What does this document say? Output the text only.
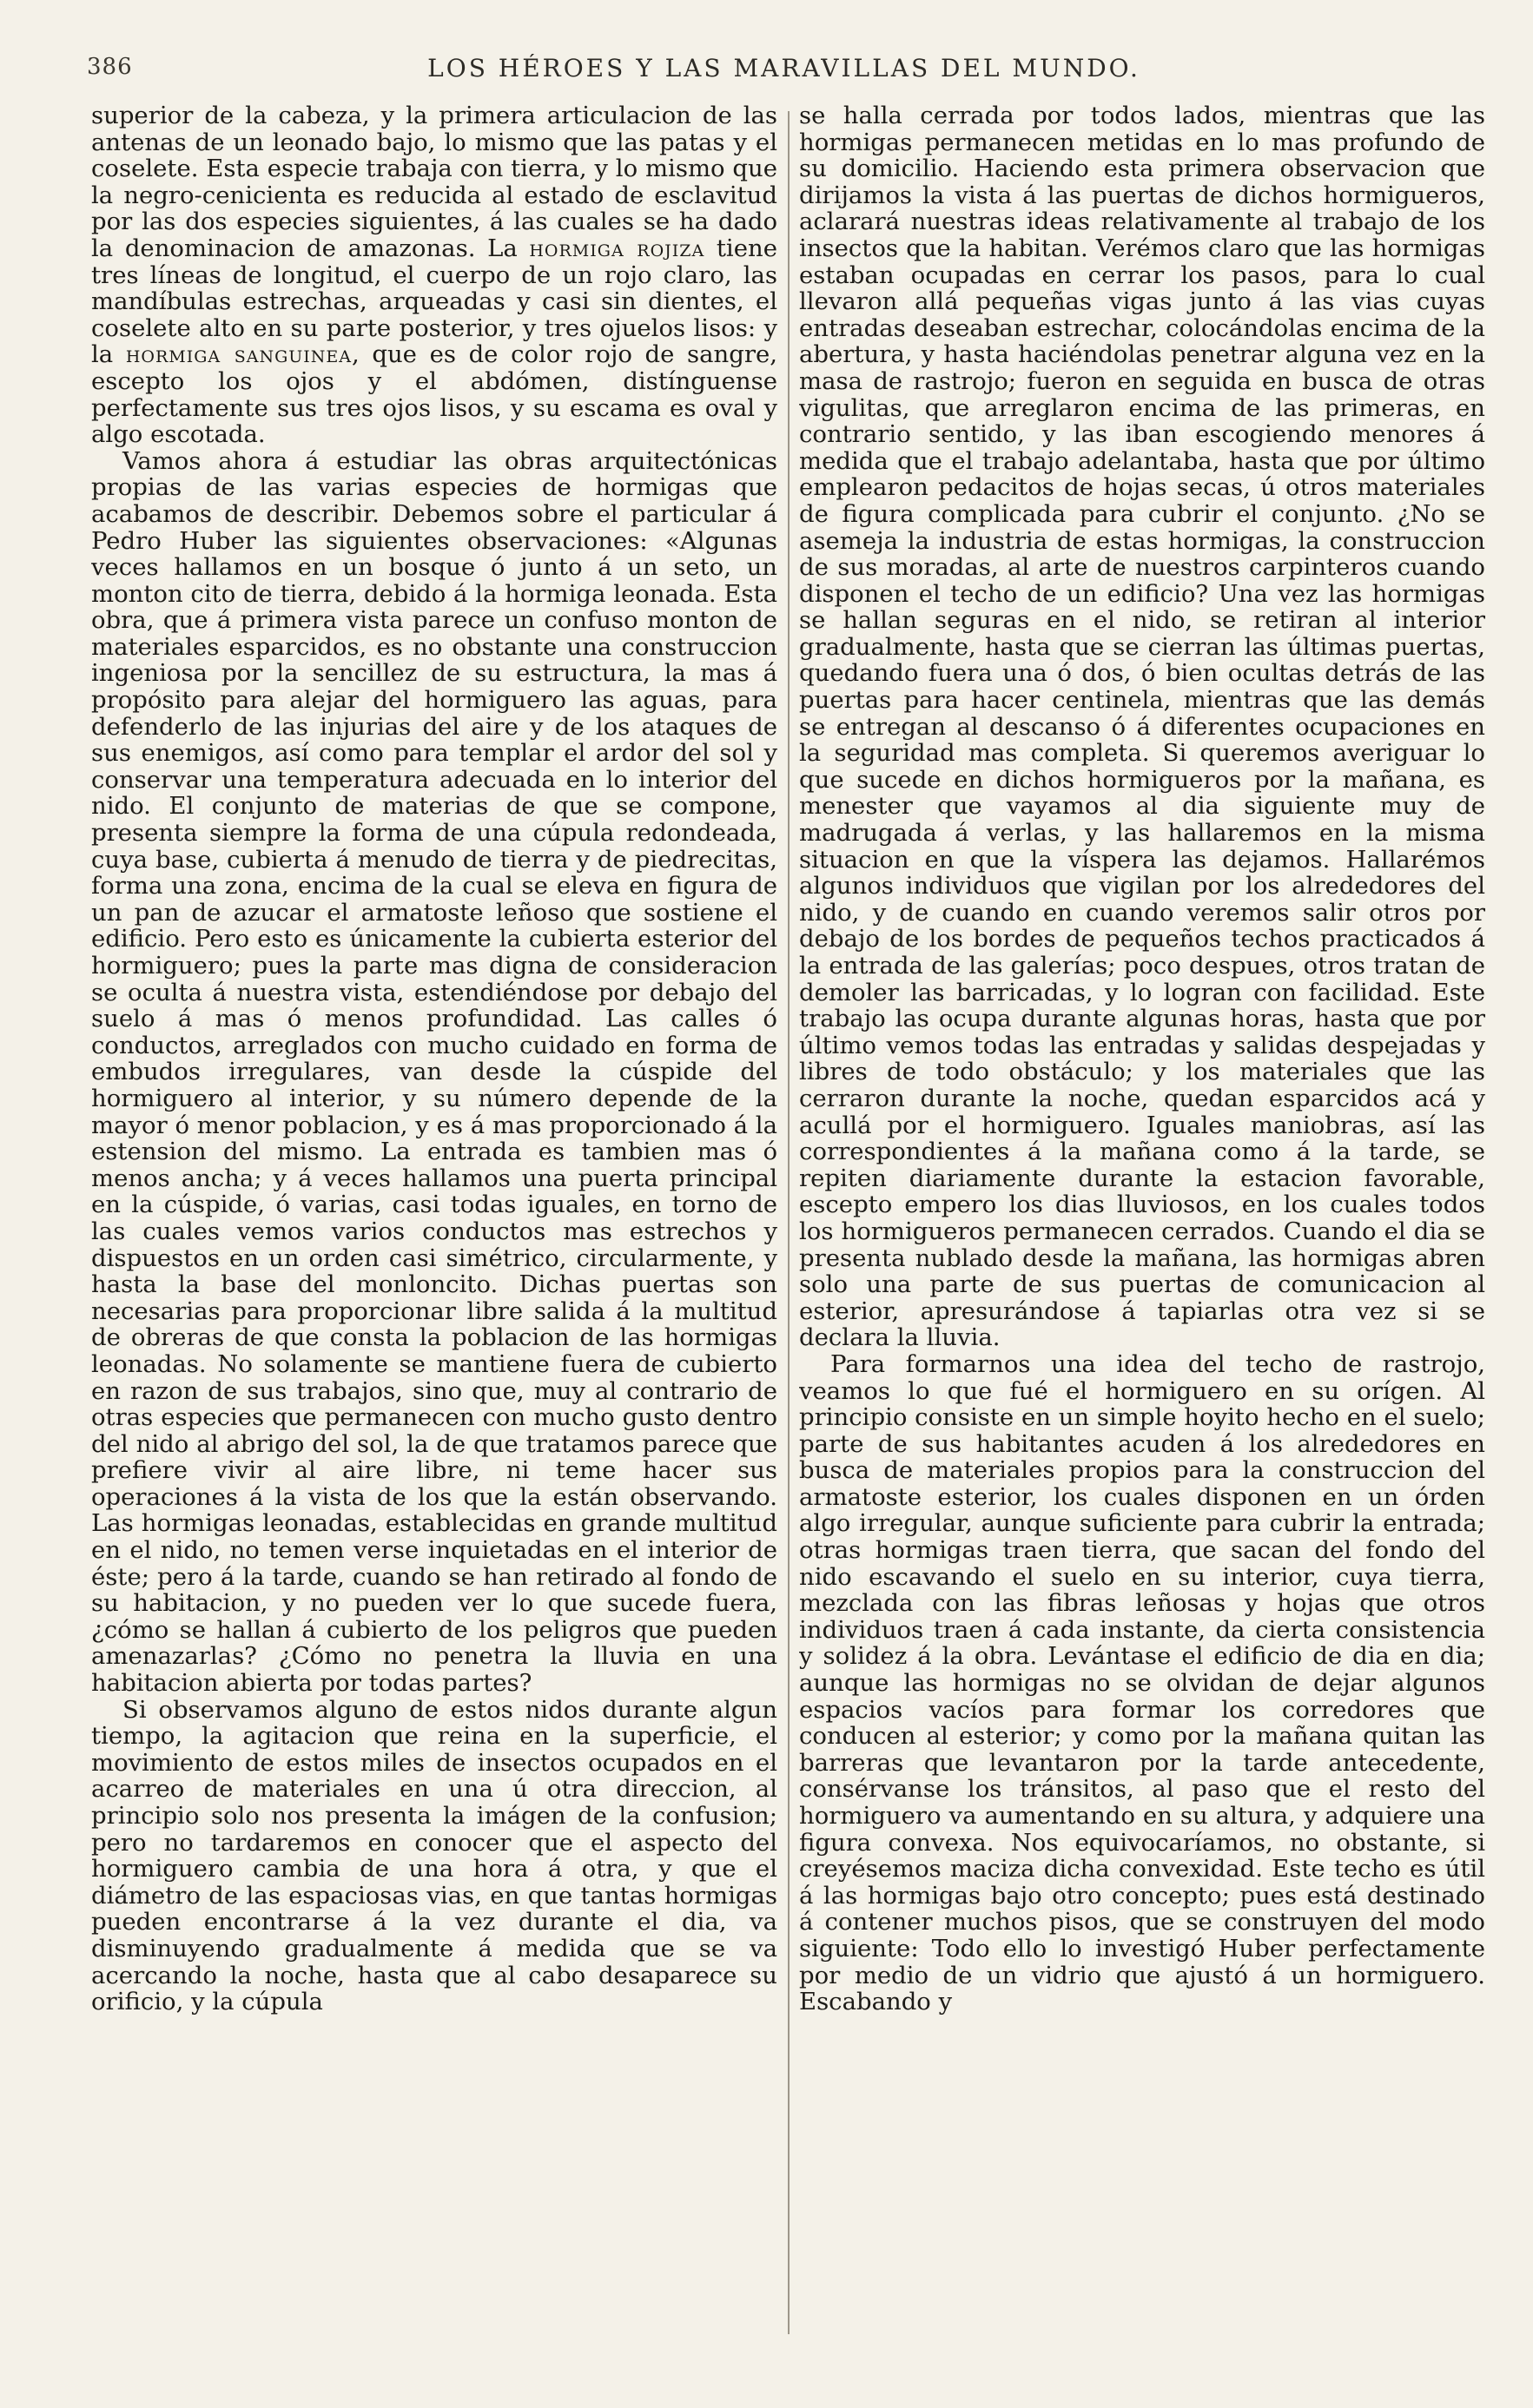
386	LOS HÉROES Y LAS MARAVILLAS DEL MUNDO.

superior de la cabeza, y la primera articulacion de las antenas de un leonado bajo, lo mismo que las patas y el coselete. Esta especie trabaja con tierra, y lo mismo que la negro-cenicienta es reducida al estado de esclavitud por las dos especies siguientes, á las cuales se ha dado la denominacion de amazonas. La hormiga rojiza tiene tres líneas de longitud, el cuerpo de un rojo claro, las mandíbulas estrechas, arqueadas y casi sin dientes, el coselete alto en su parte posterior, y tres ojuelos lisos: y la hormiga sanguinea, que es de color rojo de sangre, escepto los ojos y el abdómen, distínguense perfectamente sus tres ojos lisos, y su escama es oval y algo escotada.

Vamos ahora á estudiar las obras arquitectónicas propias de las varias especies de hormigas que acabamos de describir. Debemos sobre el particular á Pedro Huber las siguientes observaciones: «Algunas veces hallamos en un bosque ó junto á un seto, un monton cito de tierra, debido á la hormiga leonada. Esta obra, que á primera vista parece un confuso monton de materiales esparcidos, es no obstante una construccion ingeniosa por la sencillez de su estructura, la mas á propósito para alejar del hormiguero las aguas, para defenderlo de las injurias del aire y de los ataques de sus enemigos, así como para templar el ardor del sol y conservar una temperatura adecuada en lo interior del nido. El conjunto de materias de que se compone, presenta siempre la forma de una cúpula redondeada, cuya base, cubierta á menudo de tierra y de piedrecitas, forma una zona, encima de la cual se eleva en figura de un pan de azucar el armatoste leñoso que sostiene el edificio. Pero esto es únicamente la cubierta esterior del hormiguero; pues la parte mas digna de consideracion se oculta á nuestra vista, estendiéndose por debajo del suelo á mas ó menos profundidad. Las calles ó conductos, arreglados con mucho cuidado en forma de embudos irregulares, van desde la cúspide del hormiguero al interior, y su número depende de la mayor ó menor poblacion, y es á mas proporcionado á la estension del mismo. La entrada es tambien mas ó menos ancha; y á veces hallamos una puerta principal en la cúspide, ó varias, casi todas iguales, en torno de las cuales vemos varios conductos mas estrechos y dispuestos en un orden casi simétrico, circularmente, y hasta la base del monloncito. Dichas puertas son necesarias para proporcionar libre salida á la multitud de obreras de que consta la poblacion de las hormigas leonadas. No solamente se mantiene fuera de cubierto en razon de sus trabajos, sino que, muy al contrario de otras especies que permanecen con mucho gusto dentro del nido al abrigo del sol, la de que tratamos parece que prefiere vivir al aire libre, ni teme hacer sus operaciones á la vista de los que la están observando. Las hormigas leonadas, establecidas en grande multitud en el nido, no temen verse inquietadas en el interior de éste; pero á la tarde, cuando se han retirado al fondo de su habitacion, y no pueden ver lo que sucede fuera, ¿cómo se hallan á cubierto de los peligros que pueden amenazarlas? ¿Cómo no penetra la lluvia en una habitacion abierta por todas partes?

Si observamos alguno de estos nidos durante algun tiempo, la agitacion que reina en la superficie, el movimiento de estos miles de insectos ocupados en el acarreo de materiales en una ú otra direccion, al principio solo nos presenta la imágen de la confusion; pero no tardaremos en conocer que el aspecto del hormiguero cambia de una hora á otra, y que el diámetro de las espaciosas vias, en que tantas hormigas pueden encontrarse á la vez durante el dia, va disminuyendo gradualmente á medida que se va acercando la noche, hasta que al cabo desaparece su orificio, y la cúpula

se halla cerrada por todos lados, mientras que las hormigas permanecen metidas en lo mas profundo de su domicilio. Haciendo esta primera observacion que dirijamos la vista á las puertas de dichos hormigueros, aclarará nuestras ideas relativamente al trabajo de los insectos que la habitan. Verémos claro que las hormigas estaban ocupadas en cerrar los pasos, para lo cual llevaron allá pequeñas vigas junto á las vias cuyas entradas deseaban estrechar, colocándolas encima de la abertura, y hasta haciéndolas penetrar alguna vez en la masa de rastrojo; fueron en seguida en busca de otras vigulitas, que arreglaron encima de las primeras, en contrario sentido, y las iban escogiendo menores á medida que el trabajo adelantaba, hasta que por último emplearon pedacitos de hojas secas, ú otros materiales de figura complicada para cubrir el conjunto. ¿No se asemeja la industria de estas hormigas, la construccion de sus moradas, al arte de nuestros carpinteros cuando disponen el techo de un edificio? Una vez las hormigas se hallan seguras en el nido, se retiran al interior gradualmente, hasta que se cierran las últimas puertas, quedando fuera una ó dos, ó bien ocultas detrás de las puertas para hacer centinela, mientras que las demás se entregan al descanso ó á diferentes ocupaciones en la seguridad mas completa. Si queremos averiguar lo que sucede en dichos hormigueros por la mañana, es menester que vayamos al dia siguiente muy de madrugada á verlas, y las hallaremos en la misma situacion en que la víspera las dejamos. Hallarémos algunos individuos que vigilan por los alrededores del nido, y de cuando en cuando veremos salir otros por debajo de los bordes de pequeños techos practicados á la entrada de las galerías; poco despues, otros tratan de demoler las barricadas, y lo logran con facilidad. Este trabajo las ocupa durante algunas horas, hasta que por último vemos todas las entradas y salidas despejadas y libres de todo obstáculo; y los materiales que las cerraron durante la noche, quedan esparcidos acá y acullá por el hormiguero. Iguales maniobras, así las correspondientes á la mañana como á la tarde, se repiten diariamente durante la estacion favorable, escepto empero los dias lluviosos, en los cuales todos los hormigueros permanecen cerrados. Cuando el dia se presenta nublado desde la mañana, las hormigas abren solo una parte de sus puertas de comunicacion al esterior, apresurándose á tapiarlas otra vez si se declara la lluvia.

Para formarnos una idea del techo de rastrojo, veamos lo que fué el hormiguero en su orígen. Al principio consiste en un simple hoyito hecho en el suelo; parte de sus habitantes acuden á los alrededores en busca de materiales propios para la construccion del armatoste esterior, los cuales disponen en un órden algo irregular, aunque suficiente para cubrir la entrada; otras hormigas traen tierra, que sacan del fondo del nido escavando el suelo en su interior, cuya tierra, mezclada con las fibras leñosas y hojas que otros individuos traen á cada instante, da cierta consistencia y solidez á la obra. Levántase el edificio de dia en dia; aunque las hormigas no se olvidan de dejar algunos espacios vacíos para formar los corredores que conducen al esterior; y como por la mañana quitan las barreras que levantaron por la tarde antecedente, consérvanse los tránsitos, al paso que el resto del hormiguero va aumentando en su altura, y adquiere una figura convexa. Nos equivocaríamos, no obstante, si creyésemos maciza dicha convexidad. Este techo es útil á las hormigas bajo otro concepto; pues está destinado á contener muchos pisos, que se construyen del modo siguiente: Todo ello lo investigó Huber perfectamente por medio de un vidrio que ajustó á un hormiguero. Escabando y
